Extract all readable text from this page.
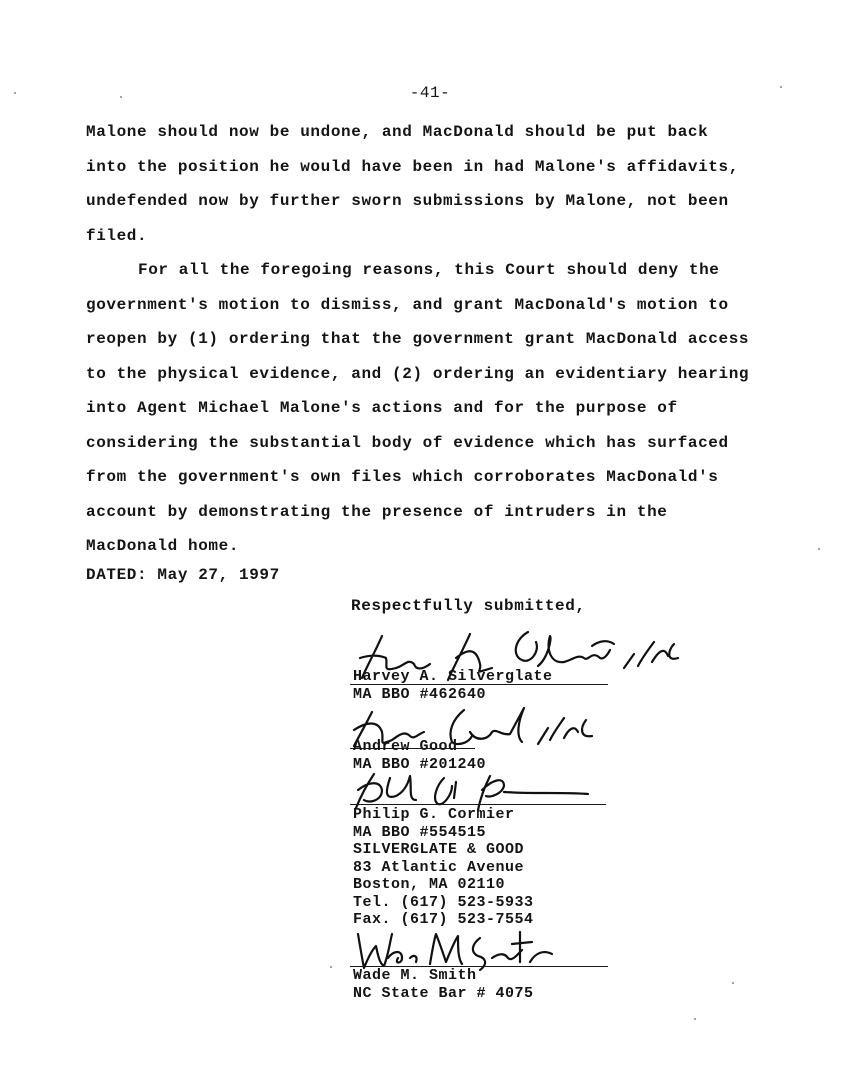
-41-
Malone should now be undone, and MacDonald should be put back
into the position he would have been in had Malone's affidavits,
undefended now by further sworn submissions by Malone, not been
filed.
For all the foregoing reasons, this Court should deny the
government's motion to dismiss, and grant MacDonald's motion to
reopen by (1) ordering that the government grant MacDonald access
to the physical evidence, and (2) ordering an evidentiary hearing
into Agent Michael Malone's actions and for the purpose of
considering the substantial body of evidence which has surfaced
from the government's own files which corroborates MacDonald's
account by demonstrating the presence of intruders in the
MacDonald home.
DATED: May 27, 1997
Respectfully submitted,
Harvey A. Silverglate
MA BBO #462640
Andrew Good
MA BBO #201240
Philip G. Cormier
MA BBO #554515
SILVERGLATE & GOOD
83 Atlantic Avenue
Boston, MA 02110
Tel. (617) 523-5933
Fax. (617) 523-7554
Wade M. Smith
NC State Bar # 4075
